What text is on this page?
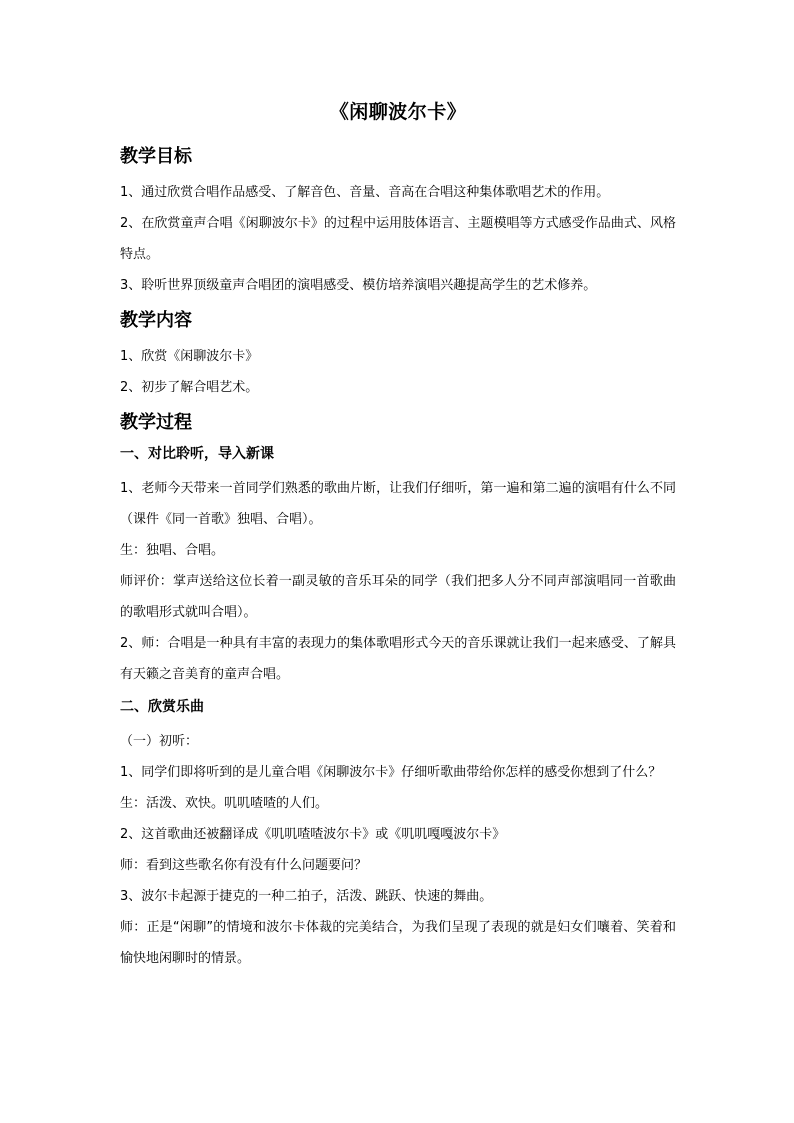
《闲聊波尔卡》
教学目标

1、通过欣赏合唱作品感受、了解音色、音量、音高在合唱这种集体歌唱艺术的作用。

2、在欣赏童声合唱《闲聊波尔卡》的过程中运用肢体语言、主题模唱等方式感受作品曲式、风格特点。

3、聆听世界顶级童声合唱团的演唱感受、模仿培养演唱兴趣提高学生的艺术修养。

教学内容

1、欣赏《闲聊波尔卡》

2、初步了解合唱艺术。

教学过程
一、对比聆听，导入新课

1、老师今天带来一首同学们熟悉的歌曲片断，让我们仔细听，第一遍和第二遍的演唱有什么不同（课件《同一首歌》独唱、合唱）。

生：独唱、合唱。

师评价：掌声送给这位长着一副灵敏的音乐耳朵的同学（我们把多人分不同声部演唱同一首歌曲的歌唱形式就叫合唱）。

2、师：合唱是一种具有丰富的表现力的集体歌唱形式今天的音乐课就让我们一起来感受、了解具有天籁之音美育的童声合唱。

二、欣赏乐曲

（一）初听：

1、同学们即将听到的是儿童合唱《闲聊波尔卡》仔细听歌曲带给你怎样的感受你想到了什么？

生：活泼、欢快。叽叽喳喳的人们。

2、这首歌曲还被翻译成《叽叽喳喳波尔卡》或《叽叽嘎嘎波尔卡》

师：看到这些歌名你有没有什么问题要问？

3、波尔卡起源于捷克的一种二拍子，活泼、跳跃、快速的舞曲。

师：正是“闲聊”的情境和波尔卡体裁的完美结合，为我们呈现了表现的就是妇女们嚷着、笑着和愉快地闲聊时的情景。
